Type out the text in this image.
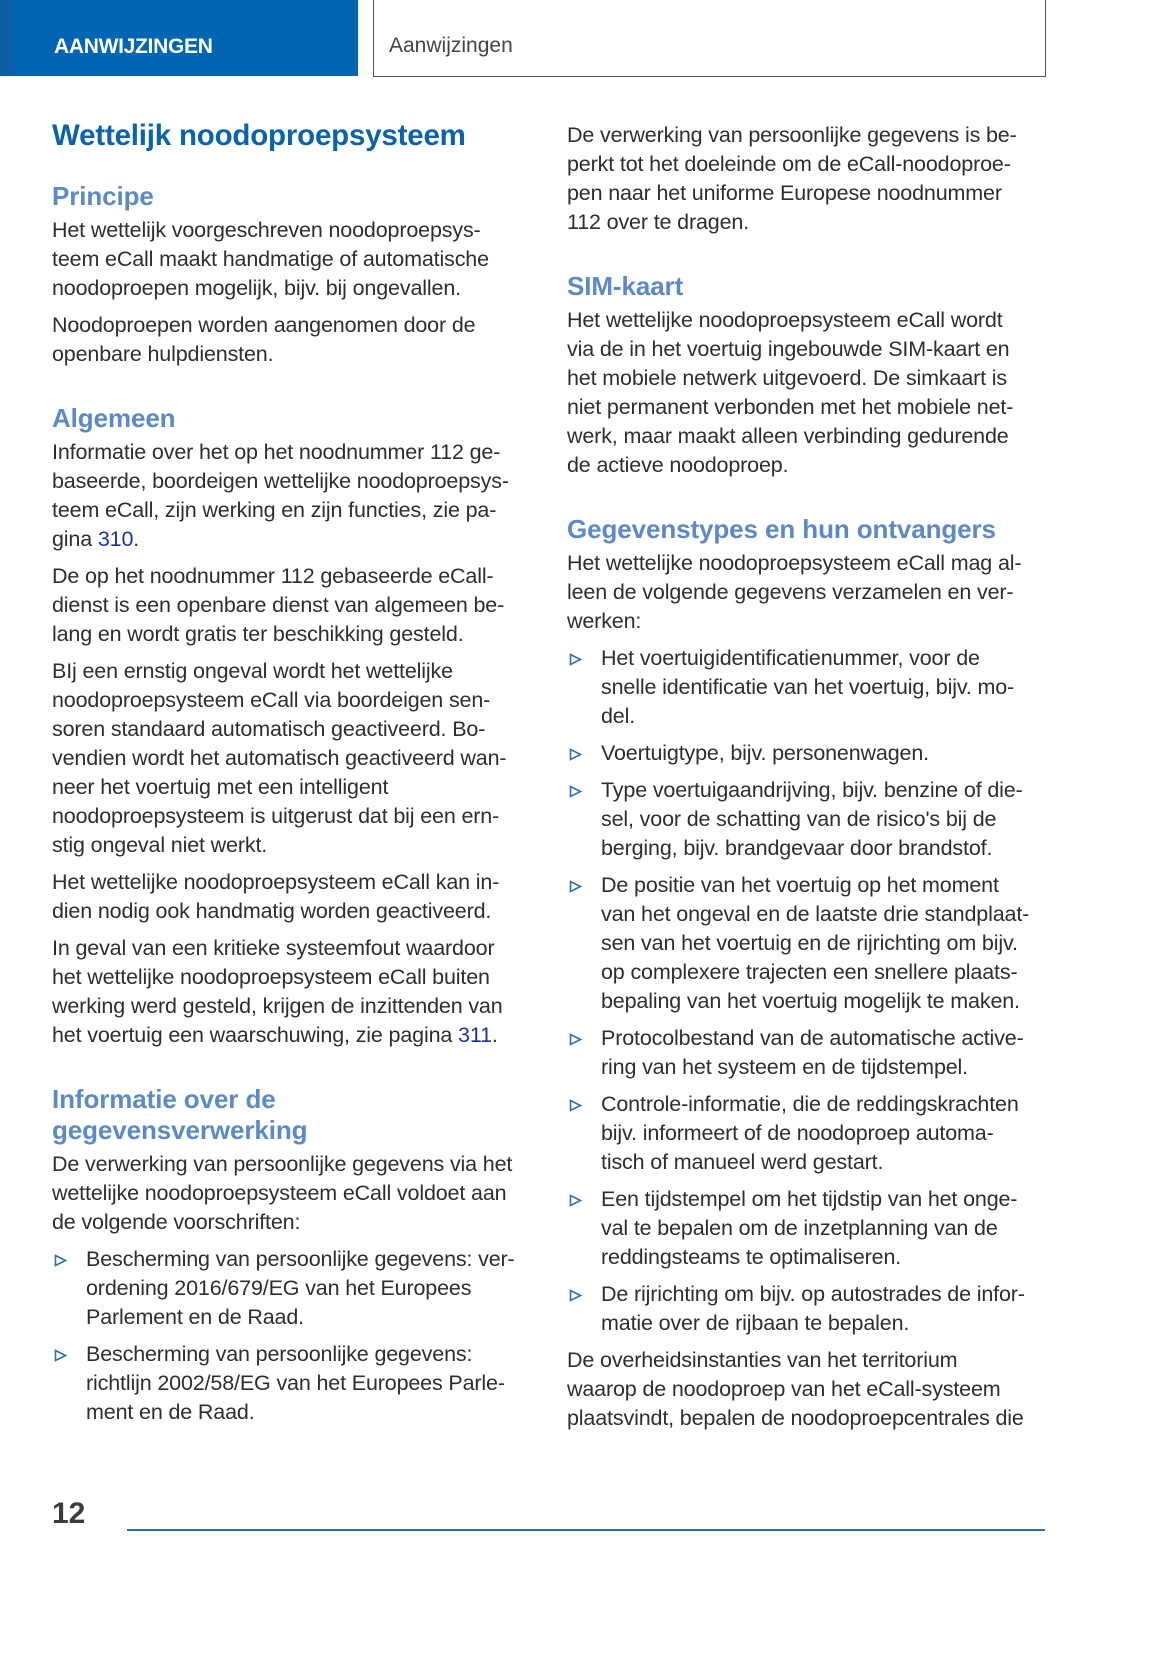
AANWIJZINGEN	Aanwijzingen
Wettelijk noodoproepsysteem
Principe
Het wettelijk voorgeschreven noodoproepsys-
teem eCall maakt handmatige of automatische
noodoproepen mogelijk, bijv. bij ongevallen.
Noodoproepen worden aangenomen door de
openbare hulpdiensten.
Algemeen
Informatie over het op het noodnummer 112 ge-
baseerde, boordeigen wettelijke noodoproepsys-
teem eCall, zijn werking en zijn functies, zie pa-
gina 310.
De op het noodnummer 112 gebaseerde eCall-
dienst is een openbare dienst van algemeen be-
lang en wordt gratis ter beschikking gesteld.
BIj een ernstig ongeval wordt het wettelijke
noodoproepsysteem eCall via boordeigen sen-
soren standaard automatisch geactiveerd. Bo-
vendien wordt het automatisch geactiveerd wan-
neer het voertuig met een intelligent
noodoproepsysteem is uitgerust dat bij een ern-
stig ongeval niet werkt.
Het wettelijke noodoproepsysteem eCall kan in-
dien nodig ook handmatig worden geactiveerd.
In geval van een kritieke systeemfout waardoor
het wettelijke noodoproepsysteem eCall buiten
werking werd gesteld, krijgen de inzittenden van
het voertuig een waarschuwing, zie pagina 311.
Informatie over de
gegevensverwerking
De verwerking van persoonlijke gegevens via het
wettelijke noodoproepsysteem eCall voldoet aan
de volgende voorschriften:
Bescherming van persoonlijke gegevens: ver-
ordening 2016/679/EG van het Europees
Parlement en de Raad.
Bescherming van persoonlijke gegevens:
richtlijn 2002/58/EG van het Europees Parle-
ment en de Raad.
De verwerking van persoonlijke gegevens is be-
perkt tot het doeleinde om de eCall-noodoproe-
pen naar het uniforme Europese noodnummer
112 over te dragen.
SIM-kaart
Het wettelijke noodoproepsysteem eCall wordt
via de in het voertuig ingebouwde SIM-kaart en
het mobiele netwerk uitgevoerd. De simkaart is
niet permanent verbonden met het mobiele net-
werk, maar maakt alleen verbinding gedurende
de actieve noodoproep.
Gegevenstypes en hun ontvangers
Het wettelijke noodoproepsysteem eCall mag al-
leen de volgende gegevens verzamelen en ver-
werken:
Het voertuigidentificatienummer, voor de
snelle identificatie van het voertuig, bijv. mo-
del.
Voertuigtype, bijv. personenwagen.
Type voertuigaandrijving, bijv. benzine of die-
sel, voor de schatting van de risico's bij de
berging, bijv. brandgevaar door brandstof.
De positie van het voertuig op het moment
van het ongeval en de laatste drie standplaat-
sen van het voertuig en de rijrichting om bijv.
op complexere trajecten een snellere plaats-
bepaling van het voertuig mogelijk te maken.
Protocolbestand van de automatische active-
ring van het systeem en de tijdstempel.
Controle-informatie, die de reddingskrachten
bijv. informeert of de noodoproep automa-
tisch of manueel werd gestart.
Een tijdstempel om het tijdstip van het onge-
val te bepalen om de inzetplanning van de
reddingsteams te optimaliseren.
De rijrichting om bijv. op autostrades de infor-
matie over de rijbaan te bepalen.
De overheidsinstanties van het territorium
waarop de noodoproep van het eCall-systeem
plaatsvindt, bepalen de noodoproepcentrales die
12
